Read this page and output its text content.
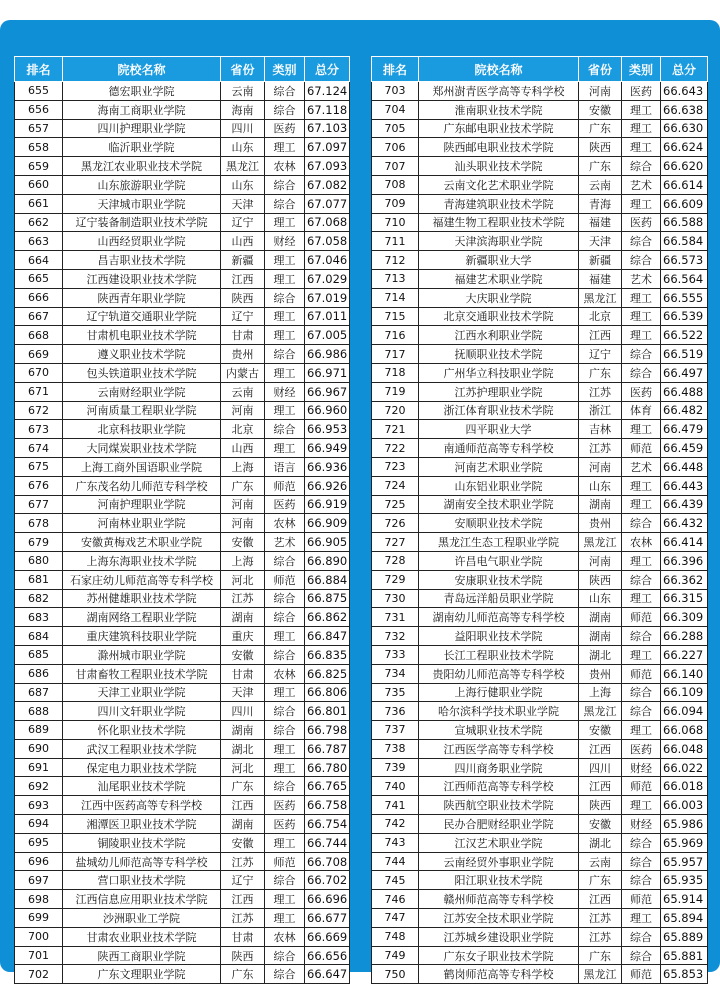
排名	院校名称	省份	类别	总分
655	德宏职业学院	云南	综合	67.124
656	海南工商职业学院	海南	综合	67.118
657	四川护理职业学院	四川	医药	67.103
658	临沂职业学院	山东	理工	67.097
659	黑龙江农业职业技术学院	黑龙江	农林	67.093
660	山东旅游职业学院	山东	综合	67.082
661	天津城市职业学院	天津	综合	67.077
662	辽宁装备制造职业技术学院	辽宁	理工	67.068
663	山西经贸职业学院	山西	财经	67.058
664	昌吉职业技术学院	新疆	理工	67.046
665	江西建设职业技术学院	江西	理工	67.029
666	陕西青年职业学院	陕西	综合	67.019
667	辽宁轨道交通职业学院	辽宁	理工	67.011
668	甘肃机电职业技术学院	甘肃	理工	67.005
669	遵义职业技术学院	贵州	综合	66.986
670	包头铁道职业技术学院	内蒙古	理工	66.971
671	云南财经职业学院	云南	财经	66.967
672	河南质量工程职业学院	河南	理工	66.960
673	北京科技职业学院	北京	综合	66.953
674	大同煤炭职业技术学院	山西	理工	66.949
675	上海工商外国语职业学院	上海	语言	66.936
676	广东茂名幼儿师范专科学校	广东	师范	66.926
677	河南护理职业学院	河南	医药	66.919
678	河南林业职业学院	河南	农林	66.909
679	安徽黄梅戏艺术职业学院	安徽	艺术	66.905
680	上海东海职业技术学院	上海	综合	66.890
681	石家庄幼儿师范高等专科学校	河北	师范	66.884
682	苏州健雄职业技术学院	江苏	综合	66.875
683	湖南网络工程职业学院	湖南	综合	66.862
684	重庆建筑科技职业学院	重庆	理工	66.847
685	滁州城市职业学院	安徽	综合	66.835
686	甘肃畜牧工程职业技术学院	甘肃	农林	66.825
687	天津工业职业学院	天津	理工	66.806
688	四川文轩职业学院	四川	综合	66.801
689	怀化职业技术学院	湖南	综合	66.798
690	武汉工程职业技术学院	湖北	理工	66.787
691	保定电力职业技术学院	河北	理工	66.780
692	汕尾职业技术学院	广东	综合	66.765
693	江西中医药高等专科学校	江西	医药	66.758
694	湘潭医卫职业技术学院	湖南	医药	66.754
695	铜陵职业技术学院	安徽	理工	66.744
696	盐城幼儿师范高等专科学校	江苏	师范	66.708
697	营口职业技术学院	辽宁	综合	66.702
698	江西信息应用职业技术学院	江西	理工	66.696
699	沙洲职业工学院	江苏	理工	66.677
700	甘肃农业职业技术学院	甘肃	农林	66.669
701	陕西工商职业学院	陕西	综合	66.656
702	广东文理职业学院	广东	综合	66.647
排名	院校名称	省份	类别	总分
703	郑州澍青医学高等专科学校	河南	医药	66.643
704	淮南职业技术学院	安徽	理工	66.638
705	广东邮电职业技术学院	广东	理工	66.630
706	陕西邮电职业技术学院	陕西	理工	66.624
707	汕头职业技术学院	广东	综合	66.620
708	云南文化艺术职业学院	云南	艺术	66.614
709	青海建筑职业技术学院	青海	理工	66.609
710	福建生物工程职业技术学院	福建	医药	66.588
711	天津滨海职业学院	天津	综合	66.584
712	新疆职业大学	新疆	综合	66.573
713	福建艺术职业学院	福建	艺术	66.564
714	大庆职业学院	黑龙江	理工	66.555
715	北京交通职业技术学院	北京	理工	66.539
716	江西水利职业学院	江西	理工	66.522
717	抚顺职业技术学院	辽宁	综合	66.519
718	广州华立科技职业学院	广东	综合	66.497
719	江苏护理职业学院	江苏	医药	66.488
720	浙江体育职业技术学院	浙江	体育	66.482
721	四平职业大学	吉林	理工	66.479
722	南通师范高等专科学校	江苏	师范	66.459
723	河南艺术职业学院	河南	艺术	66.448
724	山东铝业职业学院	山东	理工	66.443
725	湖南安全技术职业学院	湖南	理工	66.439
726	安顺职业技术学院	贵州	综合	66.432
727	黑龙江生态工程职业学院	黑龙江	农林	66.414
728	许昌电气职业学院	河南	理工	66.396
729	安康职业技术学院	陕西	综合	66.362
730	青岛远洋船员职业学院	山东	理工	66.315
731	湖南幼儿师范高等专科学校	湖南	师范	66.309
732	益阳职业技术学院	湖南	综合	66.288
733	长江工程职业技术学院	湖北	理工	66.227
734	贵阳幼儿师范高等专科学校	贵州	师范	66.140
735	上海行健职业学院	上海	综合	66.109
736	哈尔滨科学技术职业学院	黑龙江	综合	66.094
737	宣城职业技术学院	安徽	理工	66.068
738	江西医学高等专科学校	江西	医药	66.048
739	四川商务职业学院	四川	财经	66.022
740	江西师范高等专科学校	江西	师范	66.018
741	陕西航空职业技术学院	陕西	理工	66.003
742	民办合肥财经职业学院	安徽	财经	65.986
743	江汉艺术职业学院	湖北	综合	65.969
744	云南经贸外事职业学院	云南	综合	65.957
745	阳江职业技术学院	广东	综合	65.935
746	赣州师范高等专科学校	江西	师范	65.914
747	江苏安全技术职业学院	江苏	理工	65.894
748	江苏城乡建设职业学院	江苏	综合	65.889
749	广东女子职业技术学院	广东	综合	65.881
750	鹤岗师范高等专科学校	黑龙江	师范	65.853
